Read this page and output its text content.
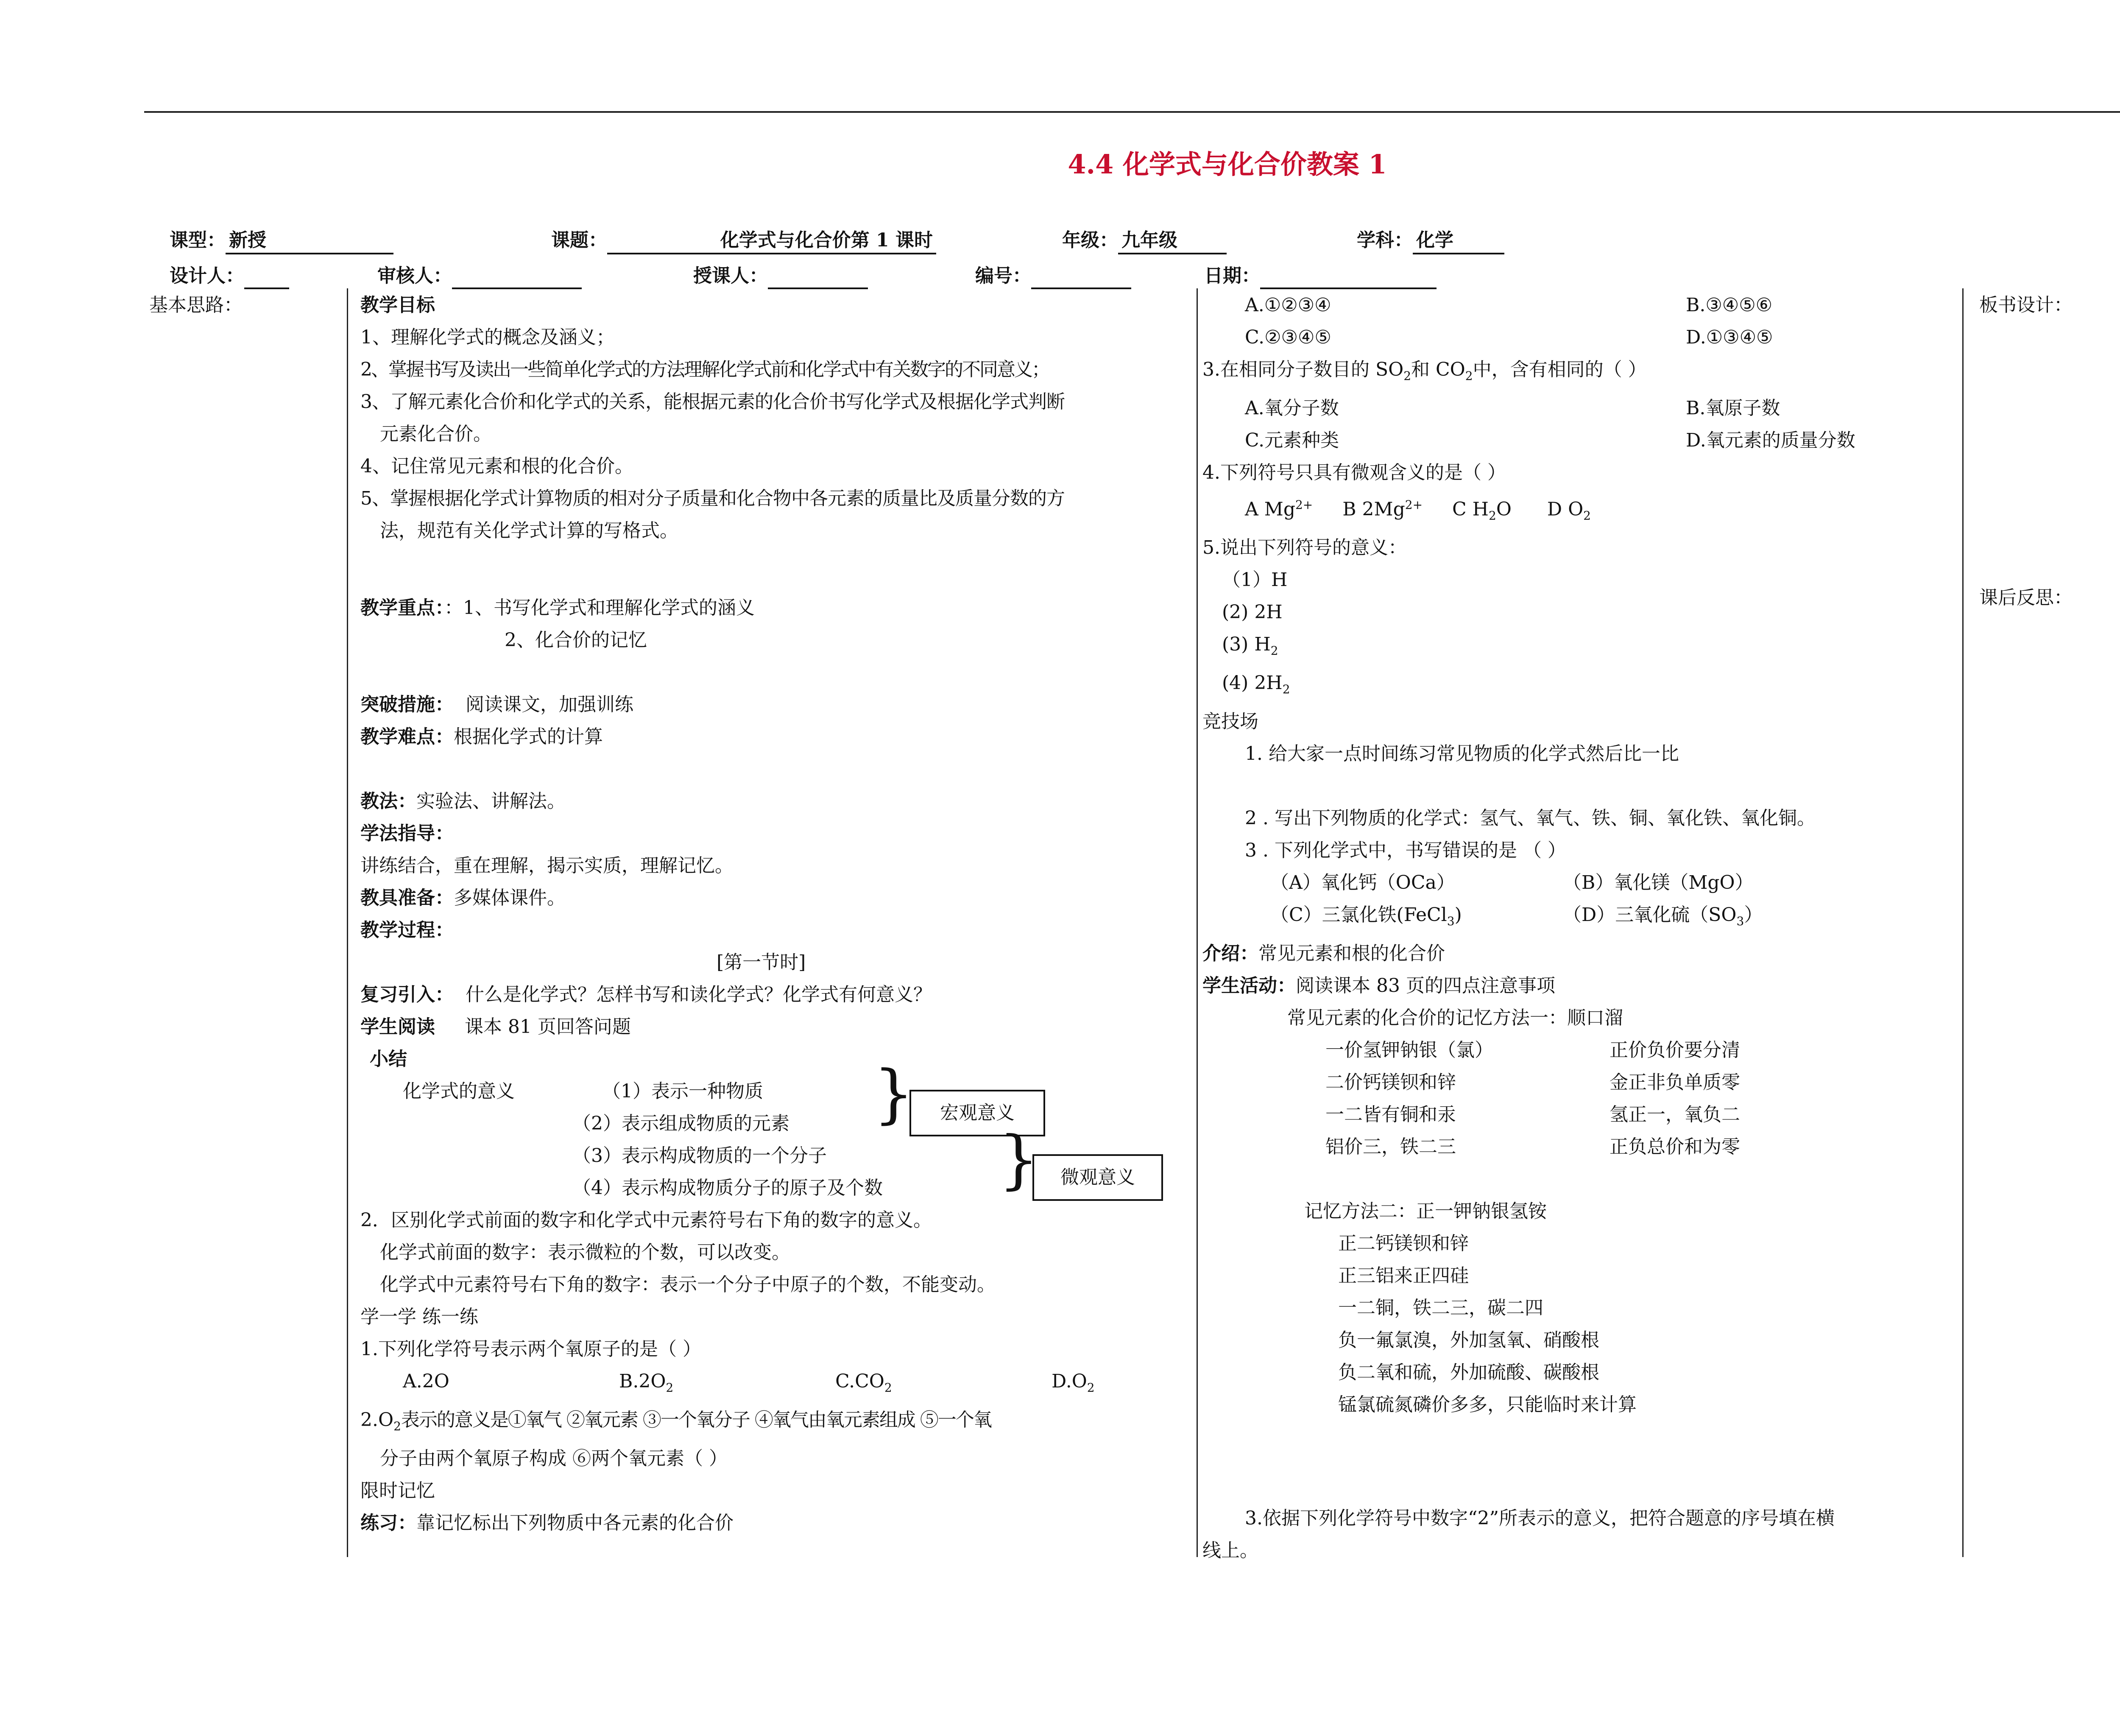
4.4 化学式与化合价教案 1
课型： 新授	课题：	化学式与化合价第 1 课时	年级： 九年级	学科： 化学
设计人：	审核人：	授课人：	编号：	日期：
基本思路：	教学目标
1、理解化学式的概念及涵义；
2、掌握书写及读出一些简单化学式的方法理解化学式前和化学式中有关数字的不同意义；
3、了解元素化合价和化学式的关系，能根据元素的化合价书写化学式及根据化学式判断
元素化合价。
4、记住常见元素和根的化合价。
5、掌握根据化学式计算物质的相对分子质量和化合物中各元素的质量比及质量分数的方
法，规范有关化学式计算的写格式。

教学重点：：1、书写化学式和理解化学式的涵义
2、化合价的记忆

突破措施： 阅读课文，加强训练
教学难点：根据化学式的计算

教法：实验法、讲解法。
学法指导：
讲练结合，重在理解，揭示实质，理解记忆。
教具准备：多媒体课件。
教学过程：
[第一节时]
复习引入： 什么是化学式？怎样书写和读化学式？化学式有何意义？
学生阅读 课本 81 页回答问题
小结
化学式的意义	（1）表示一种物质
（2）表示组成物质的元素
（3）表示构成物质的一个分子
（4）表示构成物质分子的原子及个数
2．区别化学式前面的数字和化学式中元素符号右下角的数字的意义。
化学式前面的数字：表示微粒的个数，可以改变。
化学式中元素符号右下角的数字：表示一个分子中原子的个数，不能变动。
学一学 练一练
1.下列化学符号表示两个氧原子的是（ ）
A.2O	$B.2O_2$	$C.CO_2$	$D.O_2$
$2.O_2$表示的意义是①氧气 ②氧元素 ③一个氧分子 ④氧气由氧元素组成 ⑤一个氧
分子由两个氧原子构成 ⑥两个氧元素（ ）
限时记忆
练习：靠记忆标出下列物质中各元素的化合价
}	宏观意义
}	微观意义
A.①②③④	B.③④⑤⑥
C.②③④⑤	D.①③④⑤
3.在相同分子数目的 $SO_2$和 $CO_2$中，含有相同的（ ）
A.氧分子数	B.氧原子数
C.元素种类	D.氧元素的质量分数
4.下列符号只具有微观含义的是（ ）
A $Mg^{2+}$ B $2Mg^{2+}$ C $H_2O$ D $O_2$
5.说出下列符号的意义：
（1）H
(2) 2H
(3) $H_2$
(4) $2H_2$
竞技场
1. 给大家一点时间练习常见物质的化学式然后比一比

2 . 写出下列物质的化学式：氢气、氧气、铁、铜、氧化铁、氧化铜。
3 . 下列化学式中，书写错误的是 （ ）
（A）氧化钙（OCa）	（B）氧化镁（MgO）
（C）三氯化铁(FeCl$_3$)	（D）三氧化硫$(SO_3)$
介绍：常见元素和根的化合价
学生活动：阅读课本 83 页的四点注意事项
常见元素的化合价的记忆方法一：顺口溜
一价氢钾钠银（氯）	正价负价要分清
二价钙镁钡和锌	金正非负单质零
一二皆有铜和汞	氢正一，氧负二
铝价三，铁二三	正负总价和为零

记忆方法二：正一钾钠银氢铵
正二钙镁钡和锌
正三铝来正四硅
一二铜，铁二三，碳二四
负一氟氯溴，外加氢氧、硝酸根
负二氧和硫，外加硫酸、碳酸根
锰氯硫氮磷价多多，只能临时来计算

3.依据下列化学符号中数字“2”所表示的意义，把符合题意的序号填在横
线上。
板书设计：
课后反思：
